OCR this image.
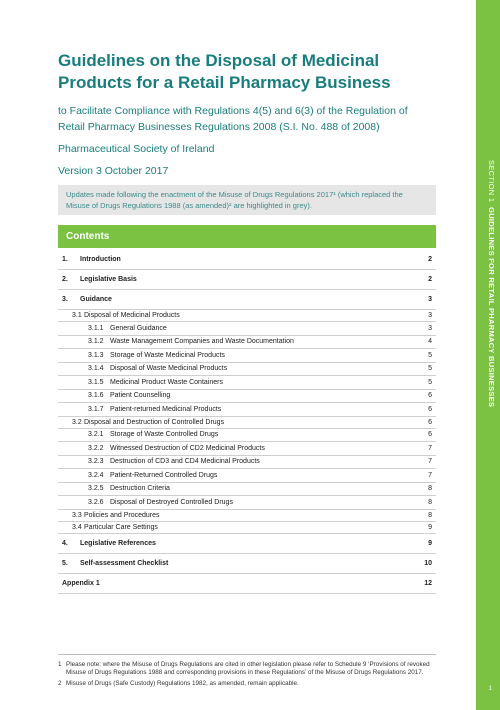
SECTION 1  GUIDELINES FOR RETAIL PHARMACY BUSINESSES
1
Guidelines on the Disposal of Medicinal Products for a Retail Pharmacy Business
to Facilitate Compliance with Regulations 4(5) and 6(3) of the Regulation of Retail Pharmacy Businesses Regulations 2008 (S.I. No. 488 of 2008)
Pharmaceutical Society of Ireland
Version 3 October 2017
Updates made following the enactment of the Misuse of Drugs Regulations 2017¹ (which replaced the Misuse of Drugs Regulations 1988 (as amended)² are highlighted in grey).
Contents
1. Introduction	2
2. Legislative Basis	2
3. Guidance	3
3.1 Disposal of Medicinal Products	3
3.1.1 General Guidance	3
3.1.2 Waste Management Companies and Waste Documentation	4
3.1.3 Storage of Waste Medicinal Products	5
3.1.4 Disposal of Waste Medicinal Products	5
3.1.5 Medicinal Product Waste Containers	5
3.1.6 Patient Counselling	6
3.1.7 Patient-returned Medicinal Products	6
3.2 Disposal and Destruction of Controlled Drugs	6
3.2.1 Storage of Waste Controlled Drugs	6
3.2.2 Witnessed Destruction of CD2 Medicinal Products	7
3.2.3 Destruction of CD3 and CD4 Medicinal Products	7
3.2.4 Patient-Returned Controlled Drugs	7
3.2.5 Destruction Criteria	8
3.2.6 Disposal of Destroyed Controlled Drugs	8
3.3 Policies and Procedures	8
3.4 Particular Care Settings	9
4. Legislative References	9
5. Self-assessment Checklist	10
Appendix 1	12
1 Please note: where the Misuse of Drugs Regulations are cited in other legislation please refer to Schedule 9 ‘Provisions of revoked Misuse of Drugs Regulations 1988 and corresponding provisions in these Regulations’ of the Misuse of Drugs Regulations 2017.
2 Misuse of Drugs (Safe Custody) Regulations 1982, as amended, remain applicable.
